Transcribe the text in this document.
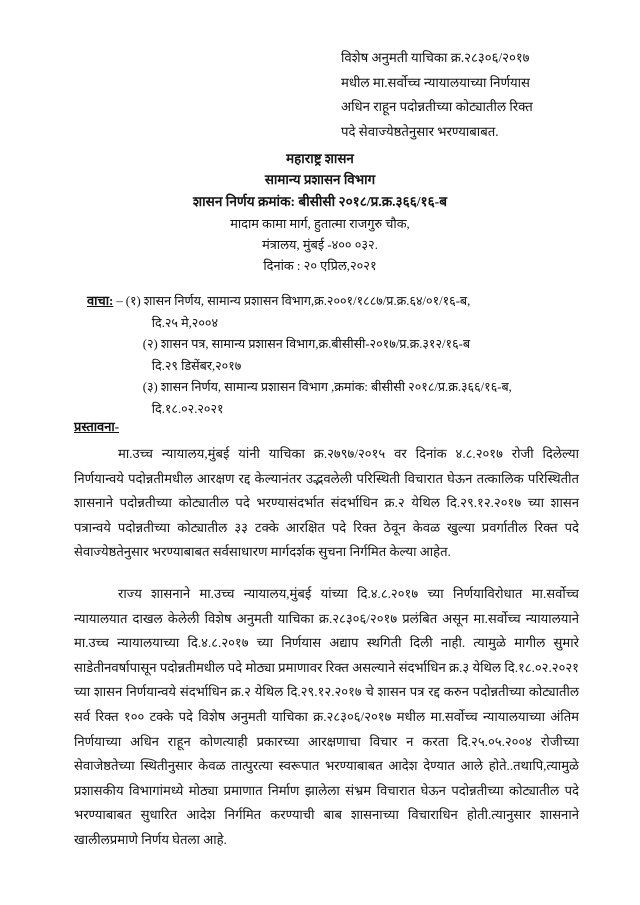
विशेष अनुमती याचिका क्र.२८३०६/२०१७
मधील मा.सर्वोच्च न्यायालयाच्या निर्णयास
अधिन राहून पदोन्नतीच्या कोट्यातील रिक्त
पदे सेवाज्येष्ठतेनुसार भरण्याबाबत.
महाराष्ट्र शासन
सामान्य प्रशासन विभाग
शासन निर्णय क्रमांक: बीसीसी २०१८/प्र.क्र.३६६/१६-ब
मादाम कामा मार्ग, हुतात्मा राजगुरु चौक,
मंत्रालय, मुंबई -४०० ०३२.
दिनांक : २० एप्रिल,२०२१
वाचा: – (१) शासन निर्णय, सामान्य प्रशासन विभाग,क्र.२००१/१८८७/प्र.क्र.६४/०१/१६-ब,
दि.२५ मे,२००४
(२) शासन पत्र, सामान्य प्रशासन विभाग,क्र.बीसीसी-२०१७/प्र.क्र.३१२/१६-ब
दि.२९ डिसेंबर,२०१७
(३) शासन निर्णय, सामान्य प्रशासन विभाग ,क्रमांक: बीसीसी २०१८/प्र.क्र.३६६/१६-ब,
दि.१८.०२.२०२१
प्रस्तावना-

मा.उच्च न्यायालय,मुंबई यांनी याचिका क्र.२७९७/२०१५ वर दिनांक ४.८.२०१७ रोजी दिलेल्या निर्णयान्वये पदोन्नतीमधील आरक्षण रद्द केल्यानंतर उद्भवलेली परिस्थिती विचारात घेऊन तत्कालिक परिस्थितीत शासनाने पदोन्नतीच्या कोट्यातील पदे भरण्यासंदर्भात संदर्भाधिन क्र.२ येथिल दि.२९.१२.२०१७ च्या शासन पत्रान्वये पदोन्नतीच्या कोट्यातील ३३ टक्के आरक्षित पदे रिक्त ठेवून केवळ खुल्या प्रवर्गातील रिक्त पदे सेवाज्येष्ठतेनुसार भरण्याबाबत सर्वसाधारण मार्गदर्शक सुचना निर्गमित केल्या आहेत.

राज्य शासनाने मा.उच्च न्यायालय,मुंबई यांच्या दि.४.८.२०१७ च्या निर्णयाविरोधात मा.सर्वोच्च न्यायालयात दाखल केलेली विशेष अनुमती याचिका क्र.२८३०६/२०१७ प्रलंबित असून मा.सर्वोच्च न्यायालयाने मा.उच्च न्यायालयाच्या दि.४.८.२०१७ च्या निर्णयास अद्याप स्थगिती दिली नाही. त्यामुळे मागील सुमारे साडेतीनवर्षापासून पदोन्नतीमधील पदे मोठ्या प्रमाणावर रिक्त असल्याने संदर्भाधिन क्र.३ येथिल दि.१८.०२.२०२१ च्या शासन निर्णयान्वये संदर्भाधिन क्र.२ येथिल दि.२९.१२.२०१७ चे शासन पत्र रद्द करुन पदोन्नतीच्या कोट्यातील सर्व रिक्त १०० टक्के पदे विशेष अनुमती याचिका क्र.२८३०६/२०१७ मधील मा.सर्वोच्च न्यायालयाच्या अंतिम निर्णयाच्या अधिन राहून कोणत्याही प्रकारच्या आरक्षणाचा विचार न करता दि.२५.०५.२००४ रोजीच्या सेवाजेष्ठतेच्या स्थितीनुसार केवळ तात्पुरत्या स्वरूपात भरण्याबाबत आदेश देण्यात आले होते..तथापि,त्यामुळे प्रशासकीय विभागांमध्ये मोठ्या प्रमाणात निर्माण झालेला संभ्रम विचारात घेऊन पदोन्नतीच्या कोट्यातील पदे भरण्याबाबत सुधारित आदेश निर्गमित करण्याची बाब शासनाच्या विचाराधिन होती.त्यानुसार शासनाने खालीलप्रमाणे निर्णय घेतला आहे.
